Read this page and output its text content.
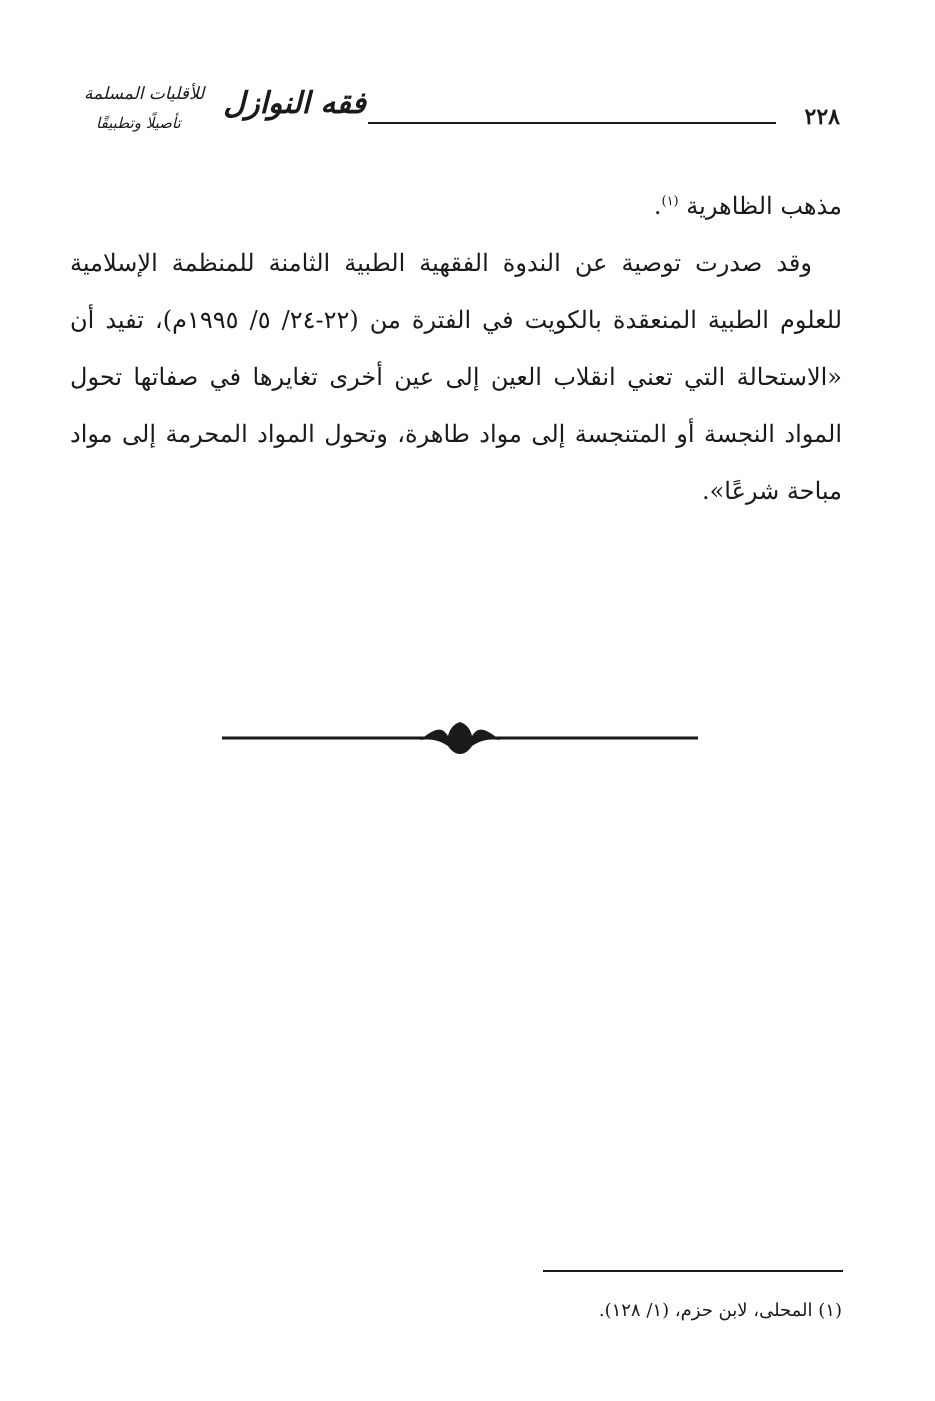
٢٢٨
فقه النوازل
للأقليات المسلمة
تأصيلًا وتطبيقًا

مذهب الظاهرية $^{(١)}$.

وقد صدرت توصية عن الندوة الفقهية الطبية الثامنة للمنظمة الإسلامية للعلوم الطبية المنعقدة بالكويت في الفترة من (٢٢-٢٤/ ٥/ ١٩٩٥م)، تفيد أن «الاستحالة التي تعني انقلاب العين إلى عين أخرى تغايرها في صفاتها تحول المواد النجسة أو المتنجسة إلى مواد طاهرة، وتحول المواد المحرمة إلى مواد مباحة شرعًا».

(١) المحلى، لابن حزم، (١/ ١٢٨).
